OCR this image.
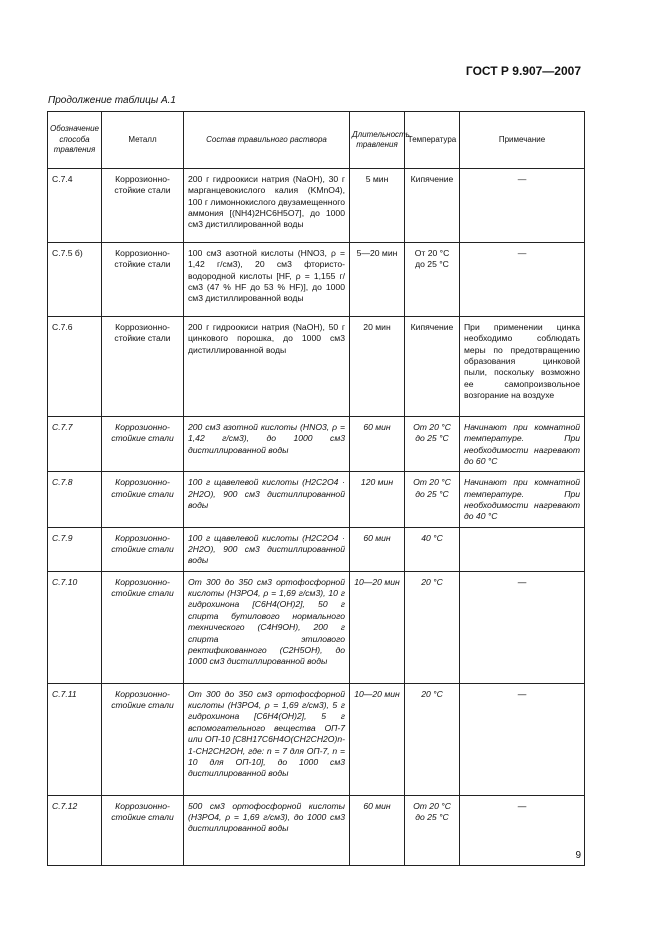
ГОСТ Р 9.907—2007
Продолжение таблицы А.1
Обозначение способа травления	Металл	Состав травильного раствора	Длительность травления	Температура	Примечание
С.7.4	Коррозионно-стойкие стали	200 г гидроокиси натрия (NaOH), 30 г марганцевокислого калия (KMnO4), 100 г лимоннокислого двузамещенного аммония [(NH4)2HC6H5O7], до 1000 см3 дистиллированной воды	5 мин	Кипячение	—
С.7.5 б)	Коррозионно-стойкие стали	100 см3 азотной кислоты (HNO3, ρ = 1,42 г/см3), 20 см3 фтористо-водородной кислоты [HF, ρ = 1,155 г/см3 (47 % HF до 53 % HF)], до 1000 см3 дистиллированной воды	5—20 мин	От 20 °С до 25 °С	—
С.7.6	Коррозионно-стойкие стали	200 г гидроокиси натрия (NaOH), 50 г цинкового порошка, до 1000 см3 дистиллированной воды	20 мин	Кипячение	При применении цинка необходимо соблюдать меры по предотвращению образования цинковой пыли, поскольку возможно ее самопроизвольное возгорание на воздухе
С.7.7	Коррозионно-стойкие стали	200 см3 азотной кислоты (HNO3, ρ = 1,42 г/см3), до 1000 см3 дистиллированной воды	60 мин	От 20 °С до 25 °С	Начинают при комнатной температуре. При необходимости нагревают до 60 °С
С.7.8	Коррозионно-стойкие стали	100 г щавелевой кислоты (H2C2O4 · 2H2O), 900 см3 дистиллированной воды	120 мин	От 20 °С до 25 °С	Начинают при комнатной температуре. При необходимости нагревают до 40 °С
С.7.9	Коррозионно-стойкие стали	100 г щавелевой кислоты (H2C2O4 · 2H2O), 900 см3 дистиллированной воды	60 мин	40 °С	
С.7.10	Коррозионно-стойкие стали	От 300 до 350 см3 ортофосфорной кислоты (H3PO4, ρ = 1,69 г/см3), 10 г гидрохинона [C6H4(OH)2], 50 г спирта бутилового нормального технического (C4H9OH), 200 г спирта этилового ректификованного (C2H5OH), до 1000 см3 дистиллированной воды	10—20 мин	20 °С	—
С.7.11	Коррозионно-стойкие стали	От 300 до 350 см3 ортофосфорной кислоты (H3PO4, ρ = 1,69 г/см3), 5 г гидрохинона [C6H4(OH)2], 5 г вспомогательного вещества ОП-7 или ОП-10 [C8H17C6H4O(CH2CH2O)n-1-CH2CH2OH, где: n = 7 для ОП-7, n = 10 для ОП-10], до 1000 см3 дистиллированной воды	10—20 мин	20 °С	—
С.7.12	Коррозионно-стойкие стали	500 см3 ортофосфорной кислоты (H3PO4, ρ = 1,69 г/см3), до 1000 см3 дистиллированной воды	60 мин	От 20 °С до 25 °С	—
9
